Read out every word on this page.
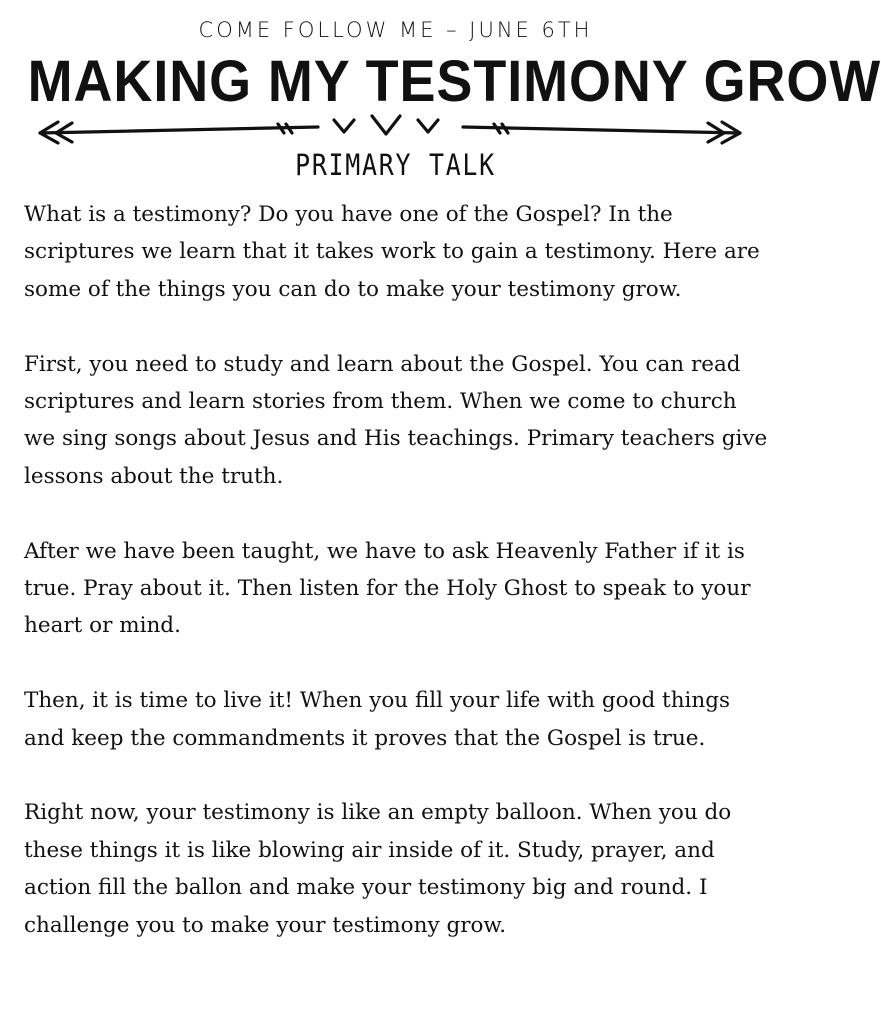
COME FOLLOW ME – JUNE 6TH
MAKING MY TESTIMONY GROW
PRIMARY TALK

What is a testimony? Do you have one of the Gospel? In the scriptures we learn that it takes work to gain a testimony. Here are some of the things you can do to make your testimony grow.

First, you need to study and learn about the Gospel. You can read scriptures and learn stories from them. When we come to church we sing songs about Jesus and His teachings. Primary teachers give lessons about the truth.

After we have been taught, we have to ask Heavenly Father if it is true. Pray about it. Then listen for the Holy Ghost to speak to your heart or mind.

Then, it is time to live it! When you fill your life with good things and keep the commandments it proves that the Gospel is true.

Right now, your testimony is like an empty balloon. When you do these things it is like blowing air inside of it. Study, prayer, and action fill the ballon and make your testimony big and round. I challenge you to make your testimony grow.
